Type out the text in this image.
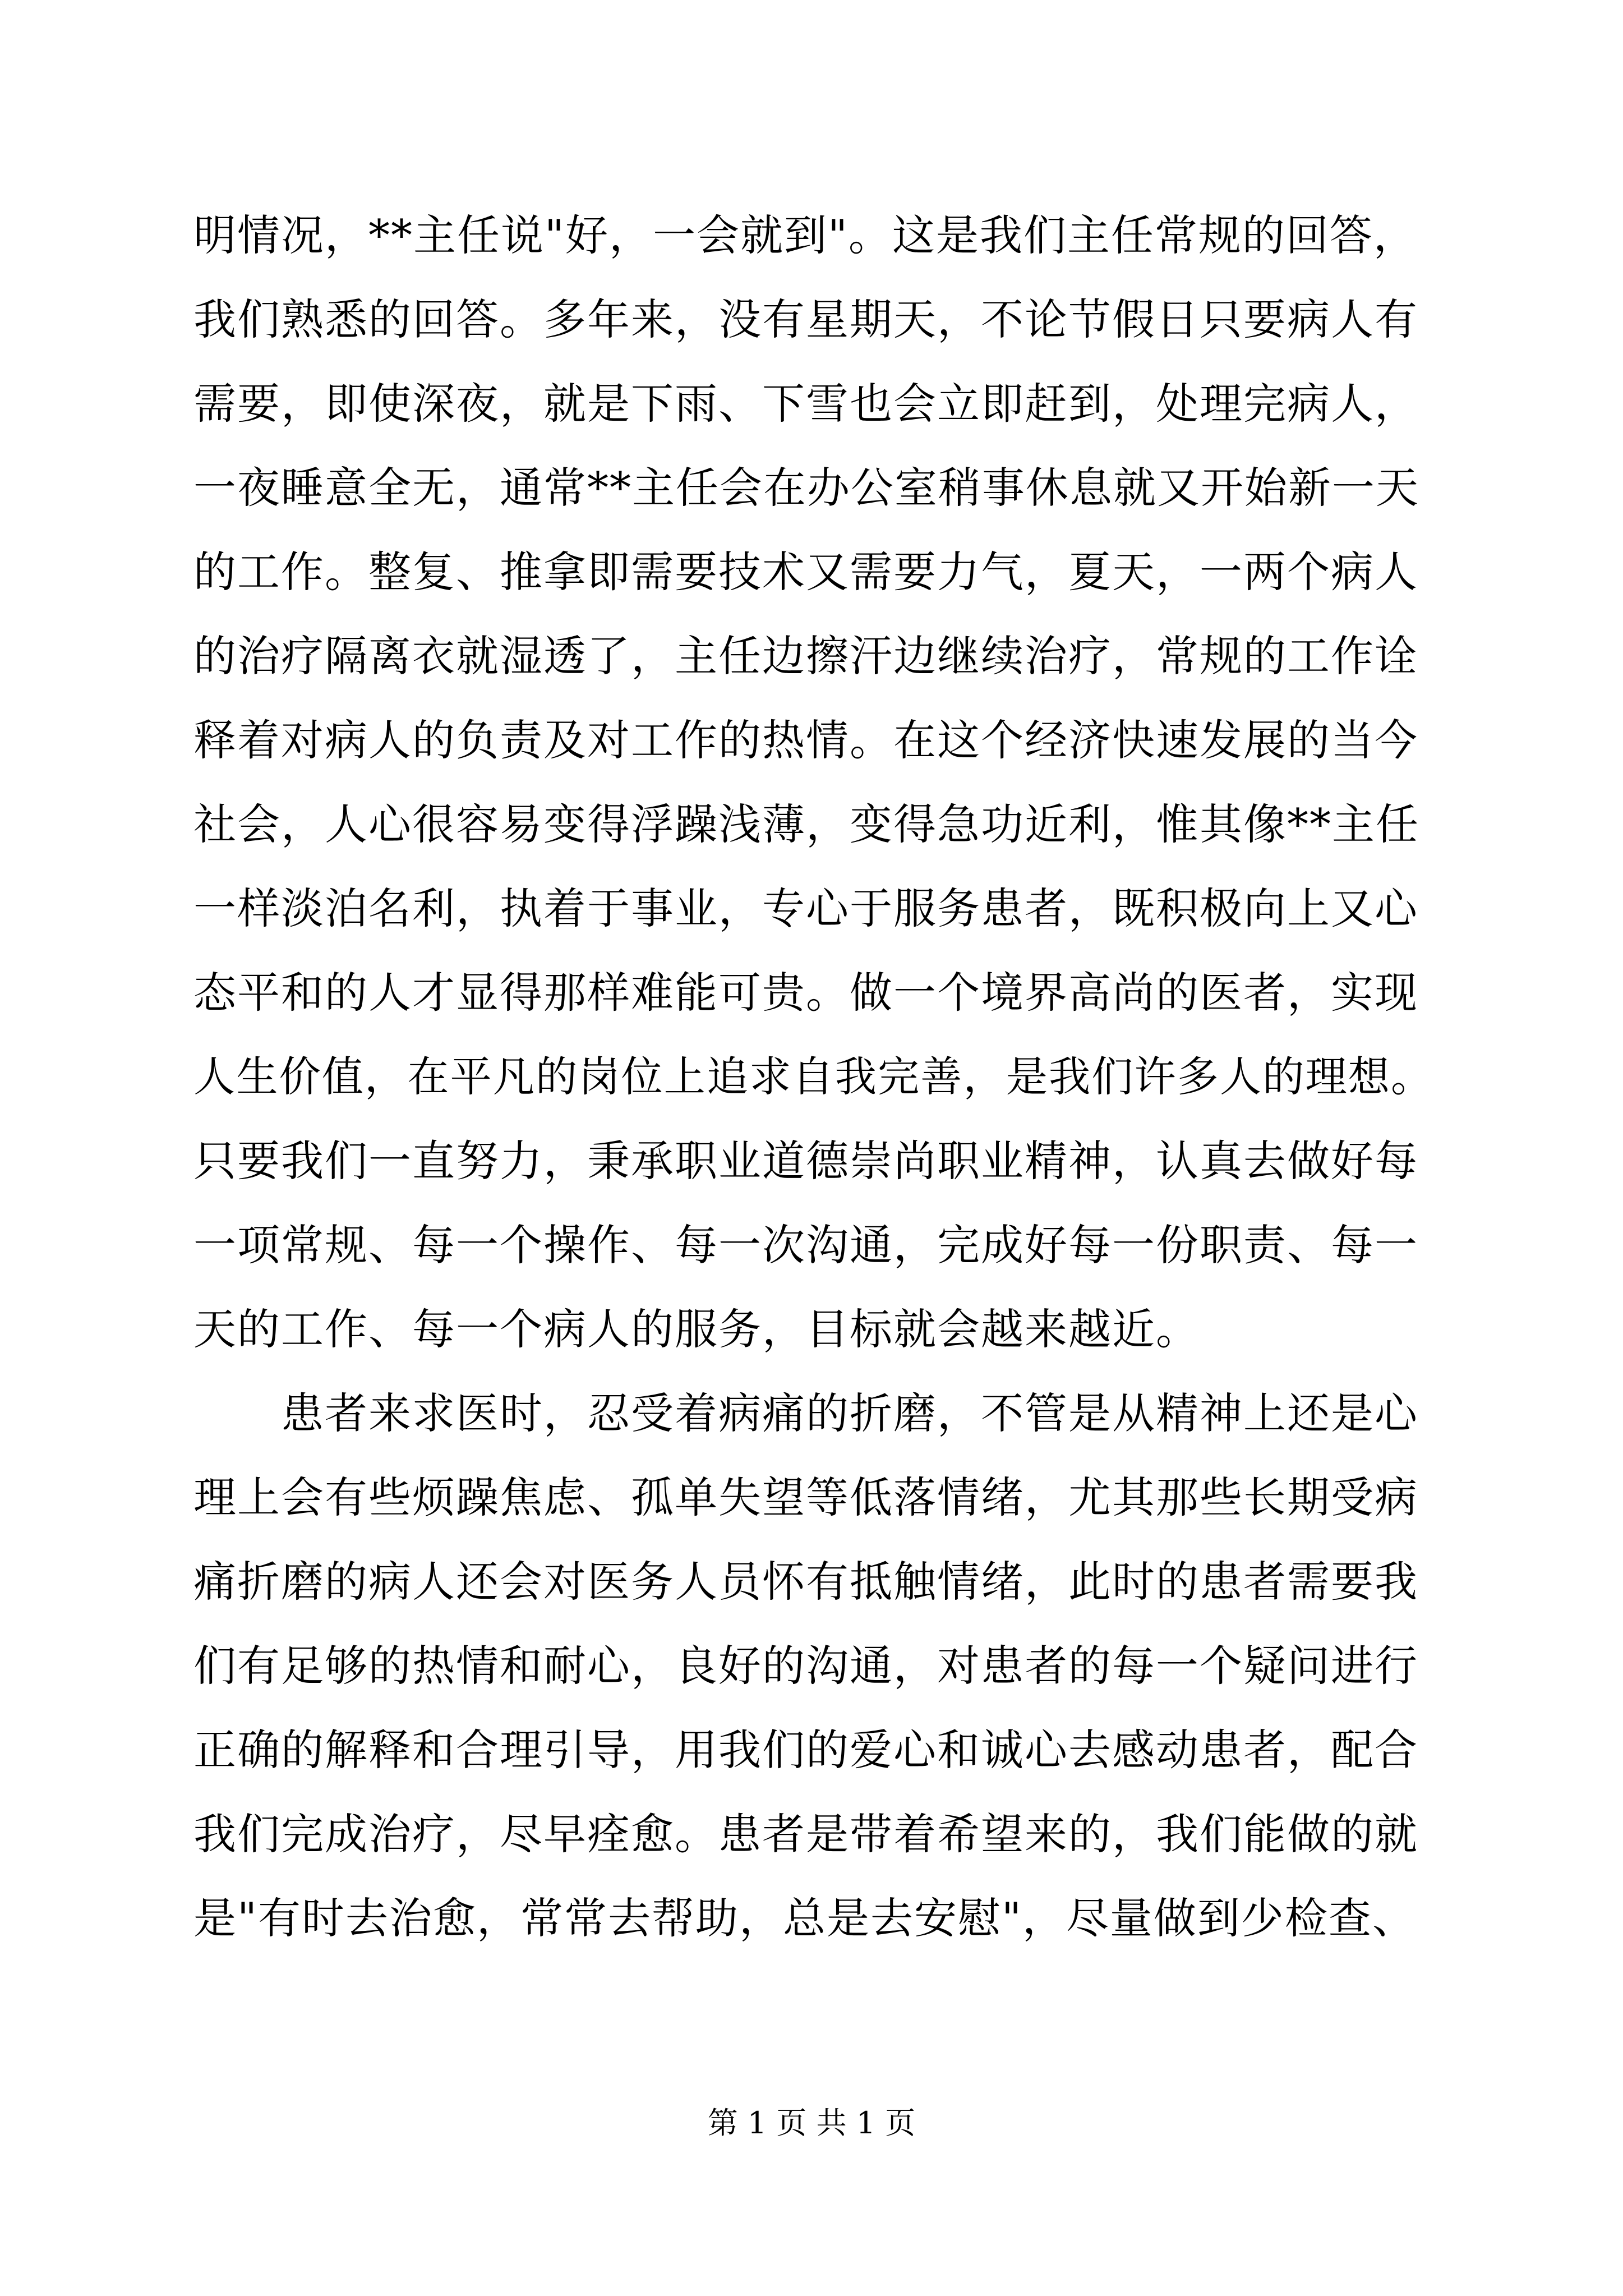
明情况，**主任说"好，一会就到"。这是我们主任常规的回答，
我们熟悉的回答。多年来，没有星期天，不论节假日只要病人有
需要，即使深夜，就是下雨、下雪也会立即赶到，处理完病人，
一夜睡意全无，通常**主任会在办公室稍事休息就又开始新一天
的工作。整复、推拿即需要技术又需要力气，夏天，一两个病人
的治疗隔离衣就湿透了，主任边擦汗边继续治疗，常规的工作诠
释着对病人的负责及对工作的热情。在这个经济快速发展的当今
社会，人心很容易变得浮躁浅薄，变得急功近利，惟其像**主任
一样淡泊名利，执着于事业，专心于服务患者，既积极向上又心
态平和的人才显得那样难能可贵。做一个境界高尚的医者，实现
人生价值，在平凡的岗位上追求自我完善，是我们许多人的理想。
只要我们一直努力，秉承职业道德崇尚职业精神，认真去做好每
一项常规、每一个操作、每一次沟通，完成好每一份职责、每一
天的工作、每一个病人的服务，目标就会越来越近。
　　患者来求医时，忍受着病痛的折磨，不管是从精神上还是心
理上会有些烦躁焦虑、孤单失望等低落情绪，尤其那些长期受病
痛折磨的病人还会对医务人员怀有抵触情绪，此时的患者需要我
们有足够的热情和耐心，良好的沟通，对患者的每一个疑问进行
正确的解释和合理引导，用我们的爱心和诚心去感动患者，配合
我们完成治疗，尽早痊愈。患者是带着希望来的，我们能做的就
是"有时去治愈，常常去帮助，总是去安慰"，尽量做到少检查、
第 1 页 共 1 页
